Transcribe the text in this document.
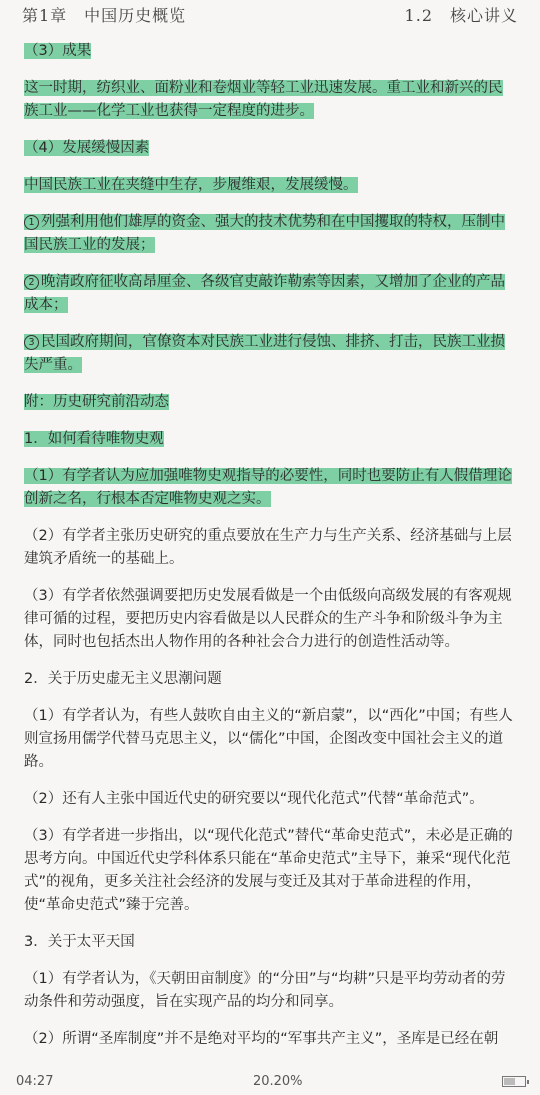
第1章　中国历史概览	1.2　核心讲义

（3）成果

这一时期，纺织业、面粉业和卷烟业等轻工业迅速发展。重工业和新兴的民族工业——化学工业也获得一定程度的进步。

（4）发展缓慢因素

中国民族工业在夹缝中生存，步履维艰，发展缓慢。

1 列强利用他们雄厚的资金、强大的技术优势和在中国攫取的特权，压制中国民族工业的发展；

2 晚清政府征收高昂厘金、各级官吏敲诈勒索等因素，又增加了企业的产品成本；

3 民国政府期间，官僚资本对民族工业进行侵蚀、排挤、打击，民族工业损失严重。

附：历史研究前沿动态

1．如何看待唯物史观

（1）有学者认为应加强唯物史观指导的必要性，同时也要防止有人假借理论创新之名，行根本否定唯物史观之实。

（2）有学者主张历史研究的重点要放在生产力与生产关系、经济基础与上层建筑矛盾统一的基础上。

（3）有学者依然强调要把历史发展看做是一个由低级向高级发展的有客观规律可循的过程，要把历史内容看做是以人民群众的生产斗争和阶级斗争为主体，同时也包括杰出人物作用的各种社会合力进行的创造性活动等。

2．关于历史虚无主义思潮问题

（1）有学者认为，有些人鼓吹自由主义的“新启蒙”，以“西化”中国；有些人则宣扬用儒学代替马克思主义，以“儒化”中国，企图改变中国社会主义的道路。

（2）还有人主张中国近代史的研究要以“现代化范式”代替“革命范式”。

（3）有学者进一步指出，以“现代化范式”替代“革命史范式”，未必是正确的思考方向。中国近代史学科体系只能在“革命史范式”主导下，兼采“现代化范式”的视角，更多关注社会经济的发展与变迁及其对于革命进程的作用，使“革命史范式”臻于完善。

3．关于太平天国

（1）有学者认为，《天朝田亩制度》的“分田”与“均耕”只是平均劳动者的劳动条件和劳动强度，旨在实现产品的均分和同享。

（2）所谓“圣库制度”并不是绝对平均的“军事共产主义”，圣库是已经在朝

04:27	20.20%
